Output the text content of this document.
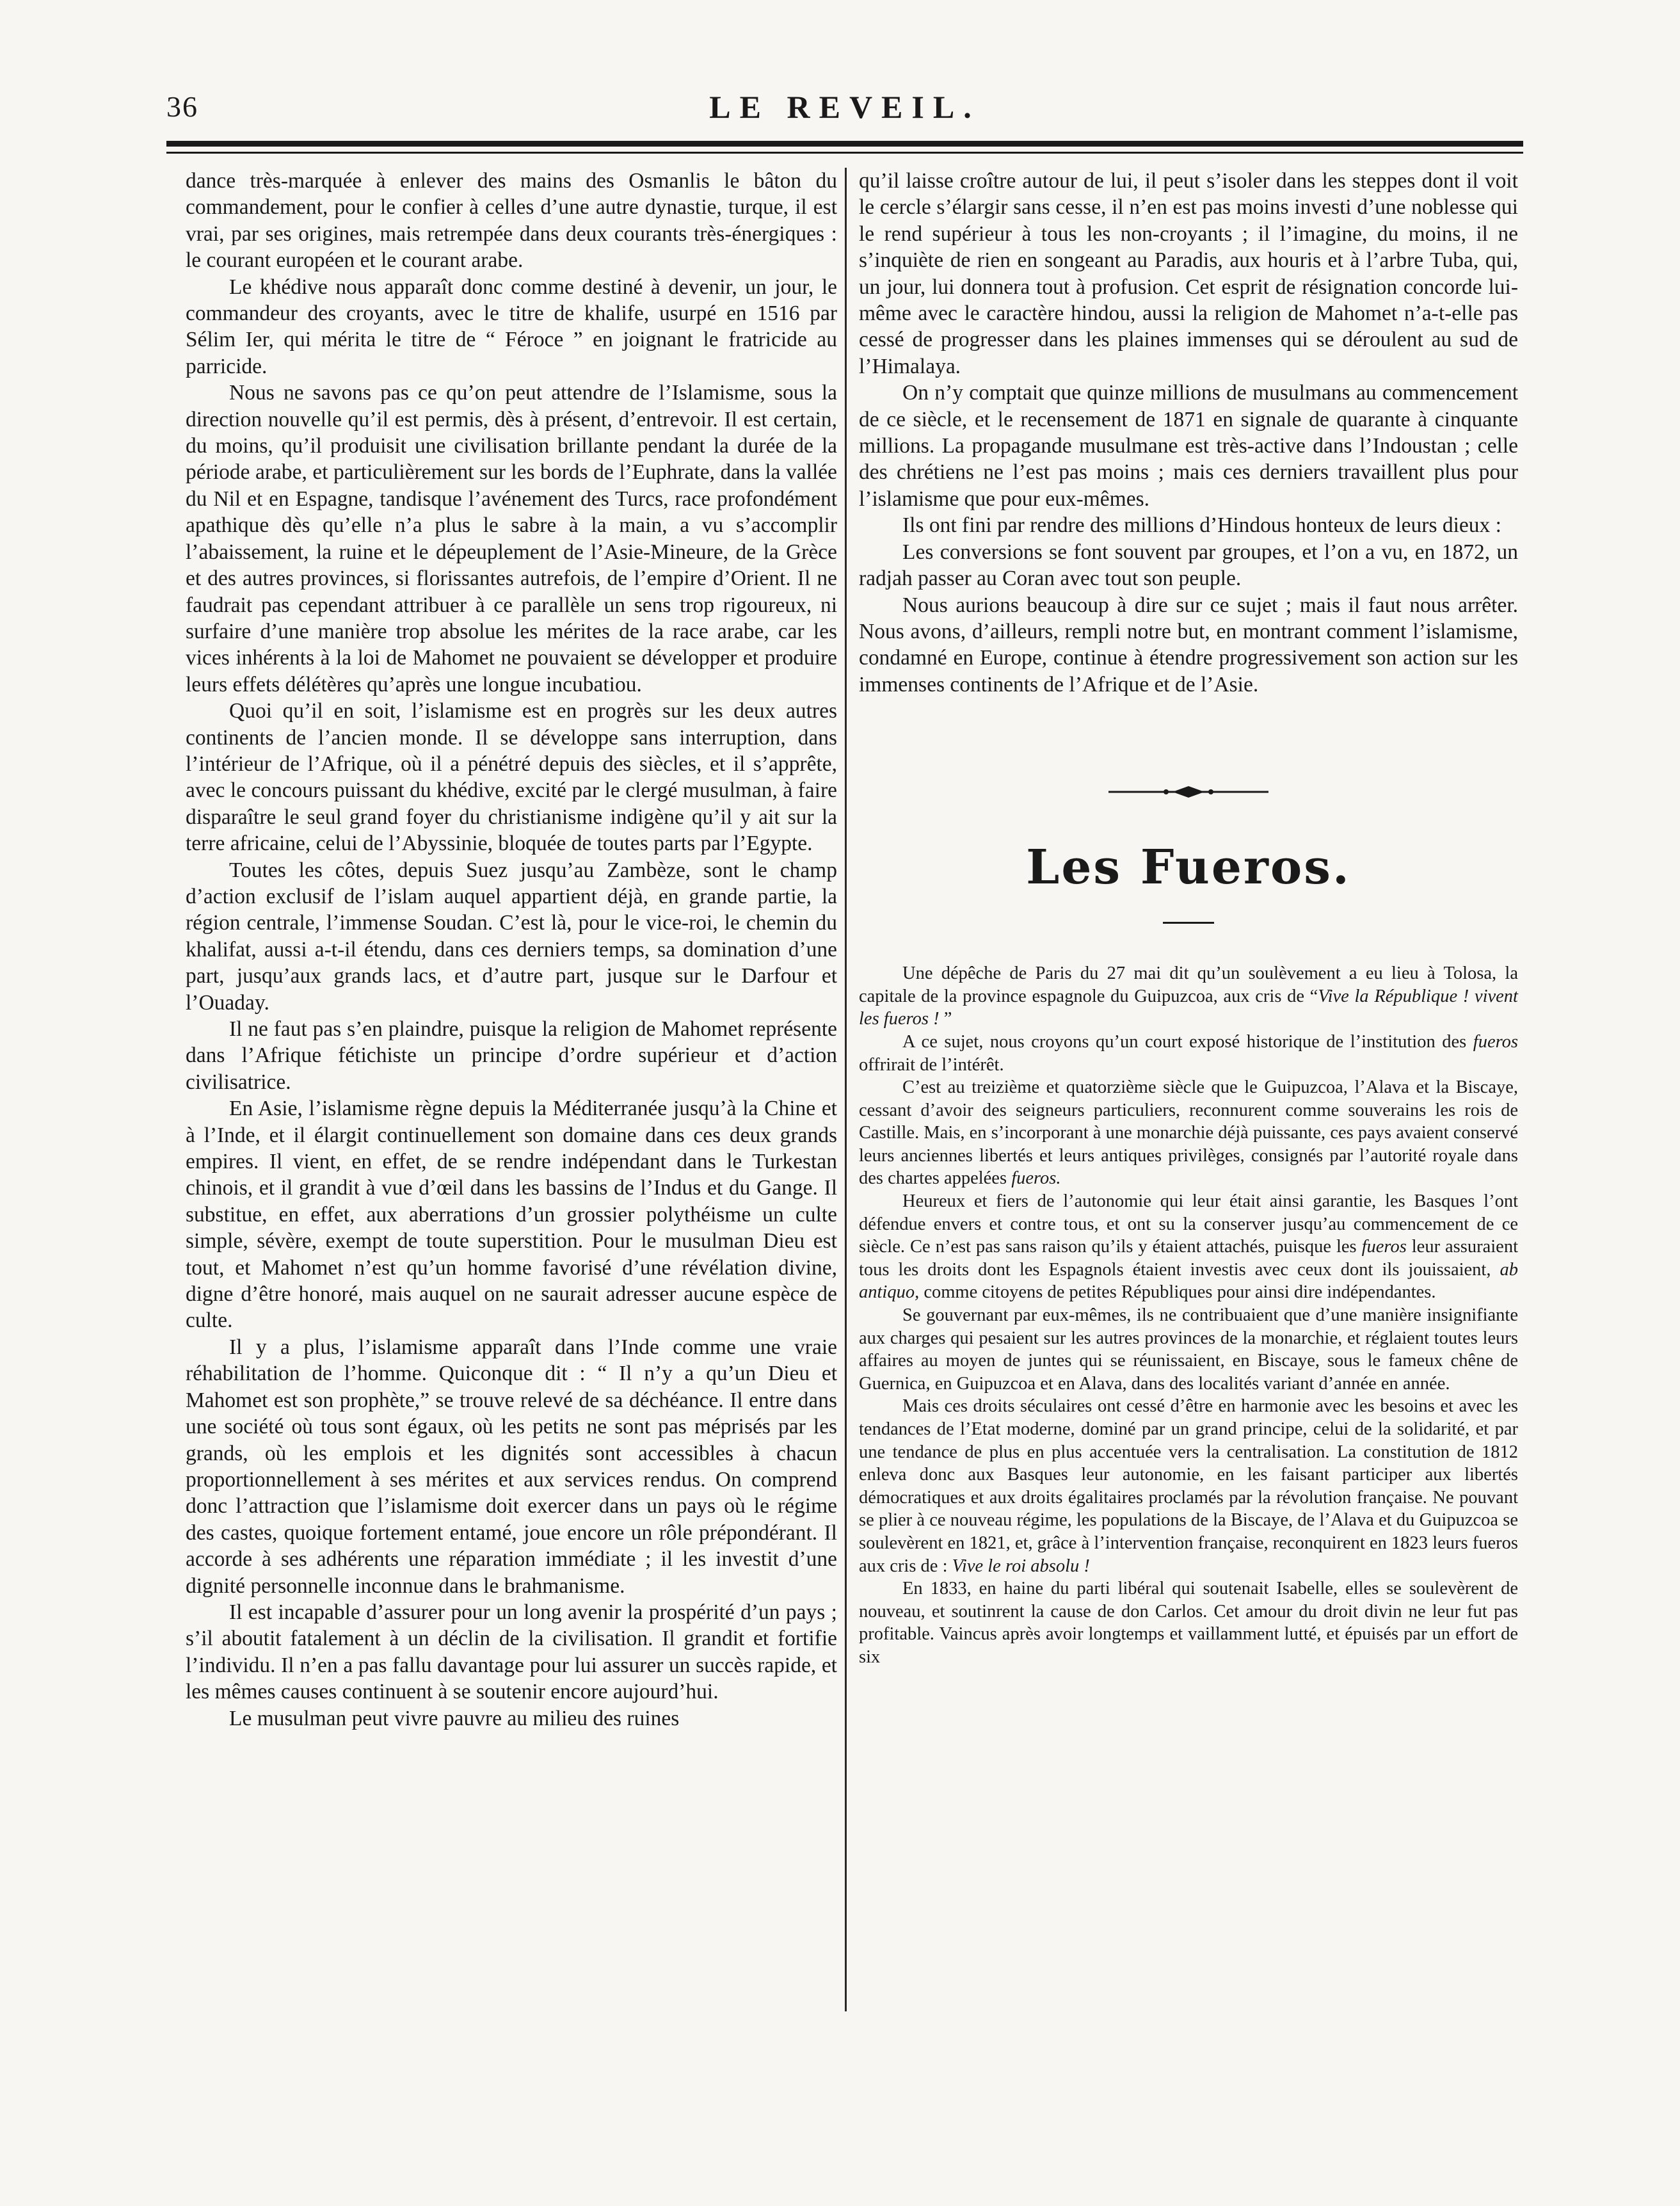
36	LE REVEIL.

dance très-marquée à enlever des mains des Osmanlis le bâton du commandement, pour le confier à celles d’une autre dynastie, turque, il est vrai, par ses origines, mais retrempée dans deux courants très-énergiques : le courant européen et le courant arabe.

Le khédive nous apparaît donc comme destiné à devenir, un jour, le commandeur des croyants, avec le titre de khalife, usurpé en 1516 par Sélim Ier, qui mérita le titre de “ Féroce ” en joignant le fratricide au parricide.

Nous ne savons pas ce qu’on peut attendre de l’Islamisme, sous la direction nouvelle qu’il est permis, dès à présent, d’entrevoir. Il est certain, du moins, qu’il produisit une civilisation brillante pendant la durée de la période arabe, et particulièrement sur les bords de l’Euphrate, dans la vallée du Nil et en Espagne, tandisque l’avénement des Turcs, race profondément apathique dès qu’elle n’a plus le sabre à la main, a vu s’accomplir l’abaissement, la ruine et le dépeuplement de l’Asie-Mineure, de la Grèce et des autres provinces, si florissantes autrefois, de l’empire d’Orient. Il ne faudrait pas cependant attribuer à ce parallèle un sens trop rigoureux, ni surfaire d’une manière trop absolue les mérites de la race arabe, car les vices inhérents à la loi de Mahomet ne pouvaient se développer et produire leurs effets délétères qu’après une longue incubatiou.

Quoi qu’il en soit, l’islamisme est en progrès sur les deux autres continents de l’ancien monde. Il se développe sans interruption, dans l’intérieur de l’Afrique, où il a pénétré depuis des siècles, et il s’apprête, avec le concours puissant du khédive, excité par le clergé musulman, à faire disparaître le seul grand foyer du christianisme indigène qu’il y ait sur la terre africaine, celui de l’Abyssinie, bloquée de toutes parts par l’Egypte.

Toutes les côtes, depuis Suez jusqu’au Zambèze, sont le champ d’action exclusif de l’islam auquel appartient déjà, en grande partie, la région centrale, l’immense Soudan. C’est là, pour le vice-roi, le chemin du khalifat, aussi a-t-il étendu, dans ces derniers temps, sa domination d’une part, jusqu’aux grands lacs, et d’autre part, jusque sur le Darfour et l’Ouaday.

Il ne faut pas s’en plaindre, puisque la religion de Mahomet représente dans l’Afrique fétichiste un principe d’ordre supérieur et d’action civilisatrice.

En Asie, l’islamisme règne depuis la Méditerranée jusqu’à la Chine et à l’Inde, et il élargit continuellement son domaine dans ces deux grands empires. Il vient, en effet, de se rendre indépendant dans le Turkestan chinois, et il grandit à vue d’œil dans les bassins de l’Indus et du Gange. Il substitue, en effet, aux aberrations d’un grossier polythéisme un culte simple, sévère, exempt de toute superstition. Pour le musulman Dieu est tout, et Mahomet n’est qu’un homme favorisé d’une révélation divine, digne d’être honoré, mais auquel on ne saurait adresser aucune espèce de culte.

Il y a plus, l’islamisme apparaît dans l’Inde comme une vraie réhabilitation de l’homme. Quiconque dit : “ Il n’y a qu’un Dieu et Mahomet est son prophète,” se trouve relevé de sa déchéance. Il entre dans une société où tous sont égaux, où les petits ne sont pas méprisés par les grands, où les emplois et les dignités sont accessibles à chacun proportionnellement à ses mérites et aux services rendus. On comprend donc l’attraction que l’islamisme doit exercer dans un pays où le régime des castes, quoique fortement entamé, joue encore un rôle prépondérant. Il accorde à ses adhérents une réparation immédiate ; il les investit d’une dignité personnelle inconnue dans le brahmanisme.

Il est incapable d’assurer pour un long avenir la prospérité d’un pays ; s’il aboutit fatalement à un déclin de la civilisation. Il grandit et fortifie l’individu. Il n’en a pas fallu davantage pour lui assurer un succès rapide, et les mêmes causes continuent à se soutenir encore aujourd’hui.

Le musulman peut vivre pauvre au milieu des ruines

qu’il laisse croître autour de lui, il peut s’isoler dans les steppes dont il voit le cercle s’élargir sans cesse, il n’en est pas moins investi d’une noblesse qui le rend supérieur à tous les non-croyants ; il l’imagine, du moins, il ne s’inquiète de rien en songeant au Paradis, aux houris et à l’arbre Tuba, qui, un jour, lui donnera tout à profusion. Cet esprit de résignation concorde lui-même avec le caractère hindou, aussi la religion de Mahomet n’a-t-elle pas cessé de progresser dans les plaines immenses qui se déroulent au sud de l’Himalaya.

On n’y comptait que quinze millions de musulmans au commencement de ce siècle, et le recensement de 1871 en signale de quarante à cinquante millions. La propagande musulmane est très-active dans l’Indoustan ; celle des chrétiens ne l’est pas moins ; mais ces derniers travaillent plus pour l’islamisme que pour eux-mêmes.

Ils ont fini par rendre des millions d’Hindous honteux de leurs dieux :

Les conversions se font souvent par groupes, et l’on a vu, en 1872, un radjah passer au Coran avec tout son peuple.

Nous aurions beaucoup à dire sur ce sujet ; mais il faut nous arrêter. Nous avons, d’ailleurs, rempli notre but, en montrant comment l’islamisme, condamné en Europe, continue à étendre progressivement son action sur les immenses continents de l’Afrique et de l’Asie.

Les Fueros.

Une dépêche de Paris du 27 mai dit qu’un soulèvement a eu lieu à Tolosa, la capitale de la province espagnole du Guipuzcoa, aux cris de “Vive la République ! vivent les fueros ! ”

A ce sujet, nous croyons qu’un court exposé historique de l’institution des fueros offrirait de l’intérêt.

C’est au treizième et quatorzième siècle que le Guipuzcoa, l’Alava et la Biscaye, cessant d’avoir des seigneurs particuliers, reconnurent comme souverains les rois de Castille. Mais, en s’incorporant à une monarchie déjà puissante, ces pays avaient conservé leurs anciennes libertés et leurs antiques privilèges, consignés par l’autorité royale dans des chartes appelées fueros.

Heureux et fiers de l’autonomie qui leur était ainsi garantie, les Basques l’ont défendue envers et contre tous, et ont su la conserver jusqu’au commencement de ce siècle. Ce n’est pas sans raison qu’ils y étaient attachés, puisque les fueros leur assuraient tous les droits dont les Espagnols étaient investis avec ceux dont ils jouissaient, ab antiquo, comme citoyens de petites Républiques pour ainsi dire indépendantes.

Se gouvernant par eux-mêmes, ils ne contribuaient que d’une manière insignifiante aux charges qui pesaient sur les autres provinces de la monarchie, et réglaient toutes leurs affaires au moyen de juntes qui se réunissaient, en Biscaye, sous le fameux chêne de Guernica, en Guipuzcoa et en Alava, dans des localités variant d’année en année.

Mais ces droits séculaires ont cessé d’être en harmonie avec les besoins et avec les tendances de l’Etat moderne, dominé par un grand principe, celui de la solidarité, et par une tendance de plus en plus accentuée vers la centralisation. La constitution de 1812 enleva donc aux Basques leur autonomie, en les faisant participer aux libertés démocratiques et aux droits égalitaires proclamés par la révolution française. Ne pouvant se plier à ce nouveau régime, les populations de la Biscaye, de l’Alava et du Guipuzcoa se soulevèrent en 1821, et, grâce à l’intervention française, reconquirent en 1823 leurs fueros aux cris de : Vive le roi absolu !

En 1833, en haine du parti libéral qui soutenait Isabelle, elles se soulevèrent de nouveau, et soutinrent la cause de don Carlos. Cet amour du droit divin ne leur fut pas profitable. Vaincus après avoir longtemps et vaillamment lutté, et épuisés par un effort de six
